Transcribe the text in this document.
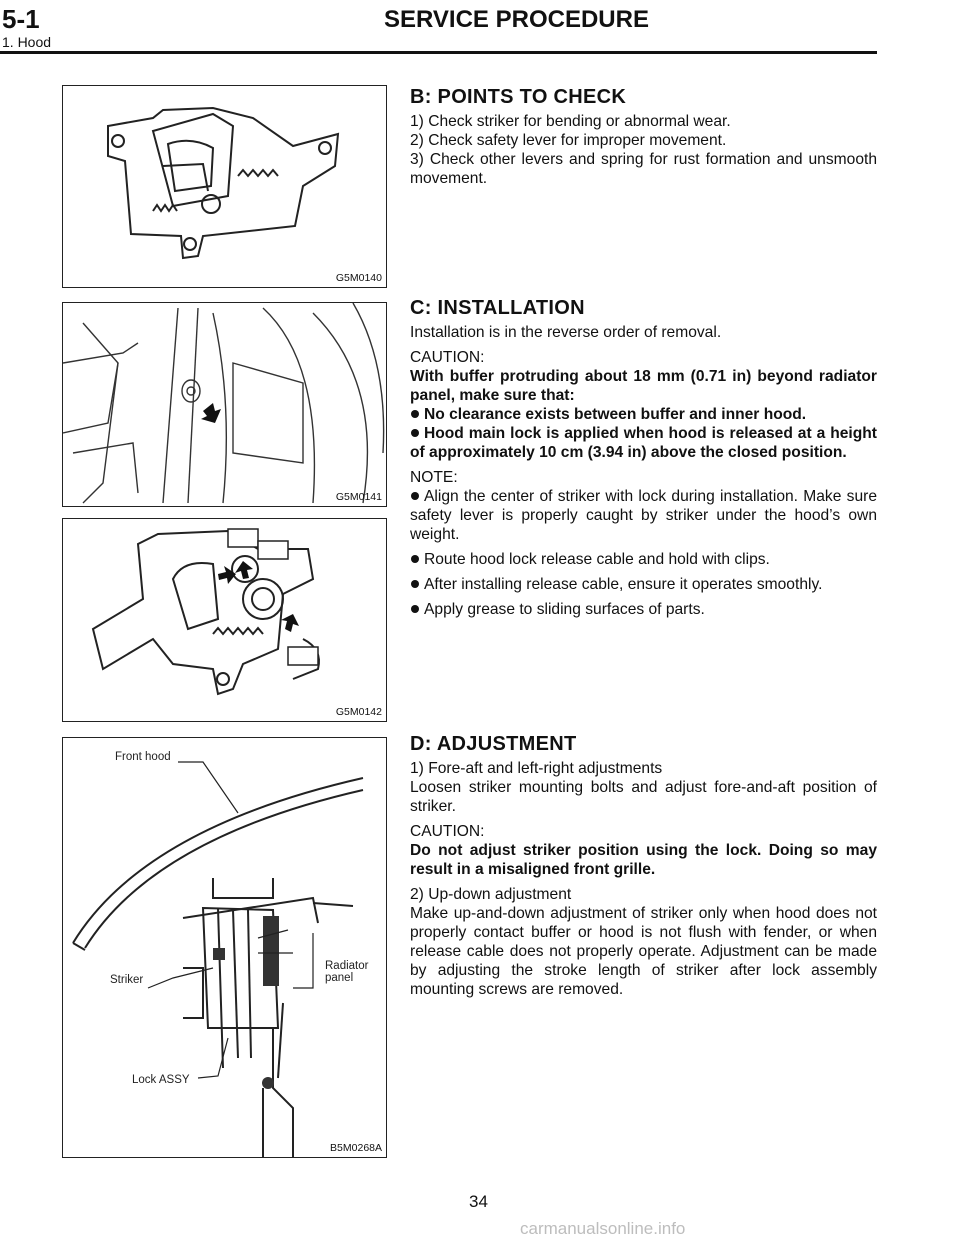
5-1	SERVICE PROCEDURE
1. Hood
G5M0140
G5M0141
G5M0142
Front hood
Radiator
panel
Striker
Lock ASSY
B5M0268A
B: POINTS TO CHECK

1) Check striker for bending or abnormal wear.

2) Check safety lever for improper movement.

3) Check other levers and spring for rust formation and unsmooth movement.

C: INSTALLATION

Installation is in the reverse order of removal.

CAUTION:

With buffer protruding about 18 mm (0.71 in) beyond radiator panel, make sure that:

No clearance exists between buffer and inner hood.

Hood main lock is applied when hood is released at a height of approximately 10 cm (3.94 in) above the closed position.

NOTE:

Align the center of striker with lock during installation. Make sure safety lever is properly caught by striker under the hood’s own weight.

Route hood lock release cable and hold with clips.

After installing release cable, ensure it operates smoothly.

Apply grease to sliding surfaces of parts.

D: ADJUSTMENT

1) Fore-aft and left-right adjustments

Loosen striker mounting bolts and adjust fore-and-aft position of striker.

CAUTION:

Do not adjust striker position using the lock. Doing so may result in a misaligned front grille.

2) Up-down adjustment

Make up-and-down adjustment of striker only when hood does not properly contact buffer or hood is not flush with fender, or when release cable does not properly operate. Adjustment can be made by adjusting the stroke length of striker after lock assembly mounting screws are removed.

34
carmanualsonline.info
